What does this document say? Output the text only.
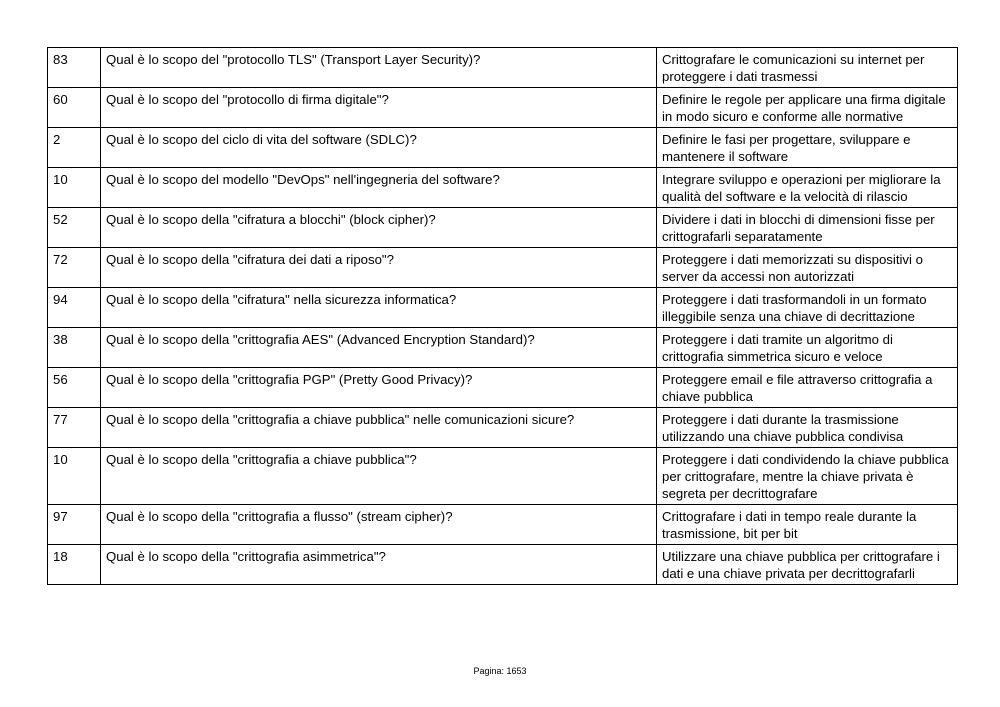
83	Qual è lo scopo del "protocollo TLS" (Transport Layer Security)?	Crittografare le comunicazioni su internet per proteggere i dati trasmessi
60	Qual è lo scopo del "protocollo di firma digitale"?	Definire le regole per applicare una firma digitale in modo sicuro e conforme alle normative
2	Qual è lo scopo del ciclo di vita del software (SDLC)?	Definire le fasi per progettare, sviluppare e mantenere il software
10	Qual è lo scopo del modello "DevOps" nell'ingegneria del software?	Integrare sviluppo e operazioni per migliorare la qualità del software e la velocità di rilascio
52	Qual è lo scopo della "cifratura a blocchi" (block cipher)?	Dividere i dati in blocchi di dimensioni fisse per crittografarli separatamente
72	Qual è lo scopo della "cifratura dei dati a riposo"?	Proteggere i dati memorizzati su dispositivi o server da accessi non autorizzati
94	Qual è lo scopo della "cifratura" nella sicurezza informatica?	Proteggere i dati trasformandoli in un formato illeggibile senza una chiave di decrittazione
38	Qual è lo scopo della "crittografia AES" (Advanced Encryption Standard)?	Proteggere i dati tramite un algoritmo di crittografia simmetrica sicuro e veloce
56	Qual è lo scopo della "crittografia PGP" (Pretty Good Privacy)?	Proteggere email e file attraverso crittografia a chiave pubblica
77	Qual è lo scopo della "crittografia a chiave pubblica" nelle comunicazioni sicure?	Proteggere i dati durante la trasmissione utilizzando una chiave pubblica condivisa
10	Qual è lo scopo della "crittografia a chiave pubblica"?	Proteggere i dati condividendo la chiave pubblica per crittografare, mentre la chiave privata è segreta per decrittografare
97	Qual è lo scopo della "crittografia a flusso" (stream cipher)?	Crittografare i dati in tempo reale durante la trasmissione, bit per bit
18	Qual è lo scopo della "crittografia asimmetrica"?	Utilizzare una chiave pubblica per crittografare i dati e una chiave privata per decrittografarli
Pagina: 1653
